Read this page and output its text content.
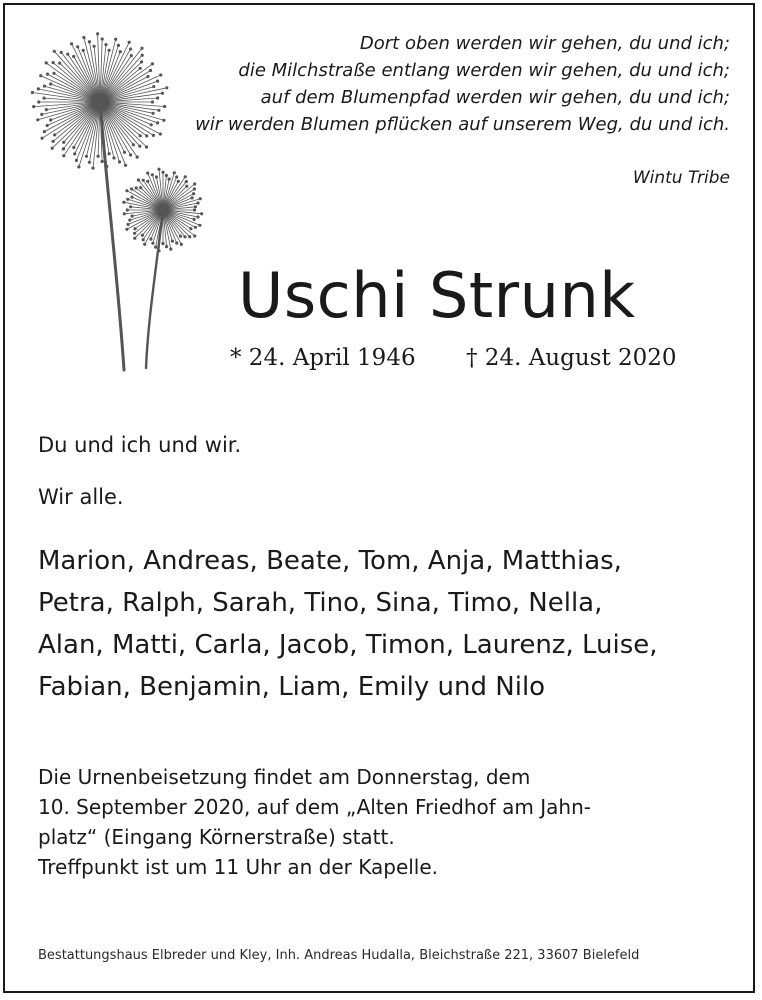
Dort oben werden wir gehen, du und ich;
die Milchstraße entlang werden wir gehen, du und ich;
auf dem Blumenpfad werden wir gehen, du und ich;
wir werden Blumen pflücken auf unserem Weg, du und ich.
Wintu Tribe
Uschi Strunk
* 24. April 1946 † 24. August 2020
Du und ich und wir.
Wir alle.
Marion, Andreas, Beate, Tom, Anja, Matthias,
Petra, Ralph, Sarah, Tino, Sina, Timo, Nella,
Alan, Matti, Carla, Jacob, Timon, Laurenz, Luise,
Fabian, Benjamin, Liam, Emily und Nilo
Die Urnenbeisetzung findet am Donnerstag, dem
10. September 2020, auf dem „Alten Friedhof am Jahn-
platz“ (Eingang Körnerstraße) statt.
Treffpunkt ist um 11 Uhr an der Kapelle.
Bestattungshaus Elbreder und Kley, Inh. Andreas Hudalla, Bleichstraße 221, 33607 Bielefeld
